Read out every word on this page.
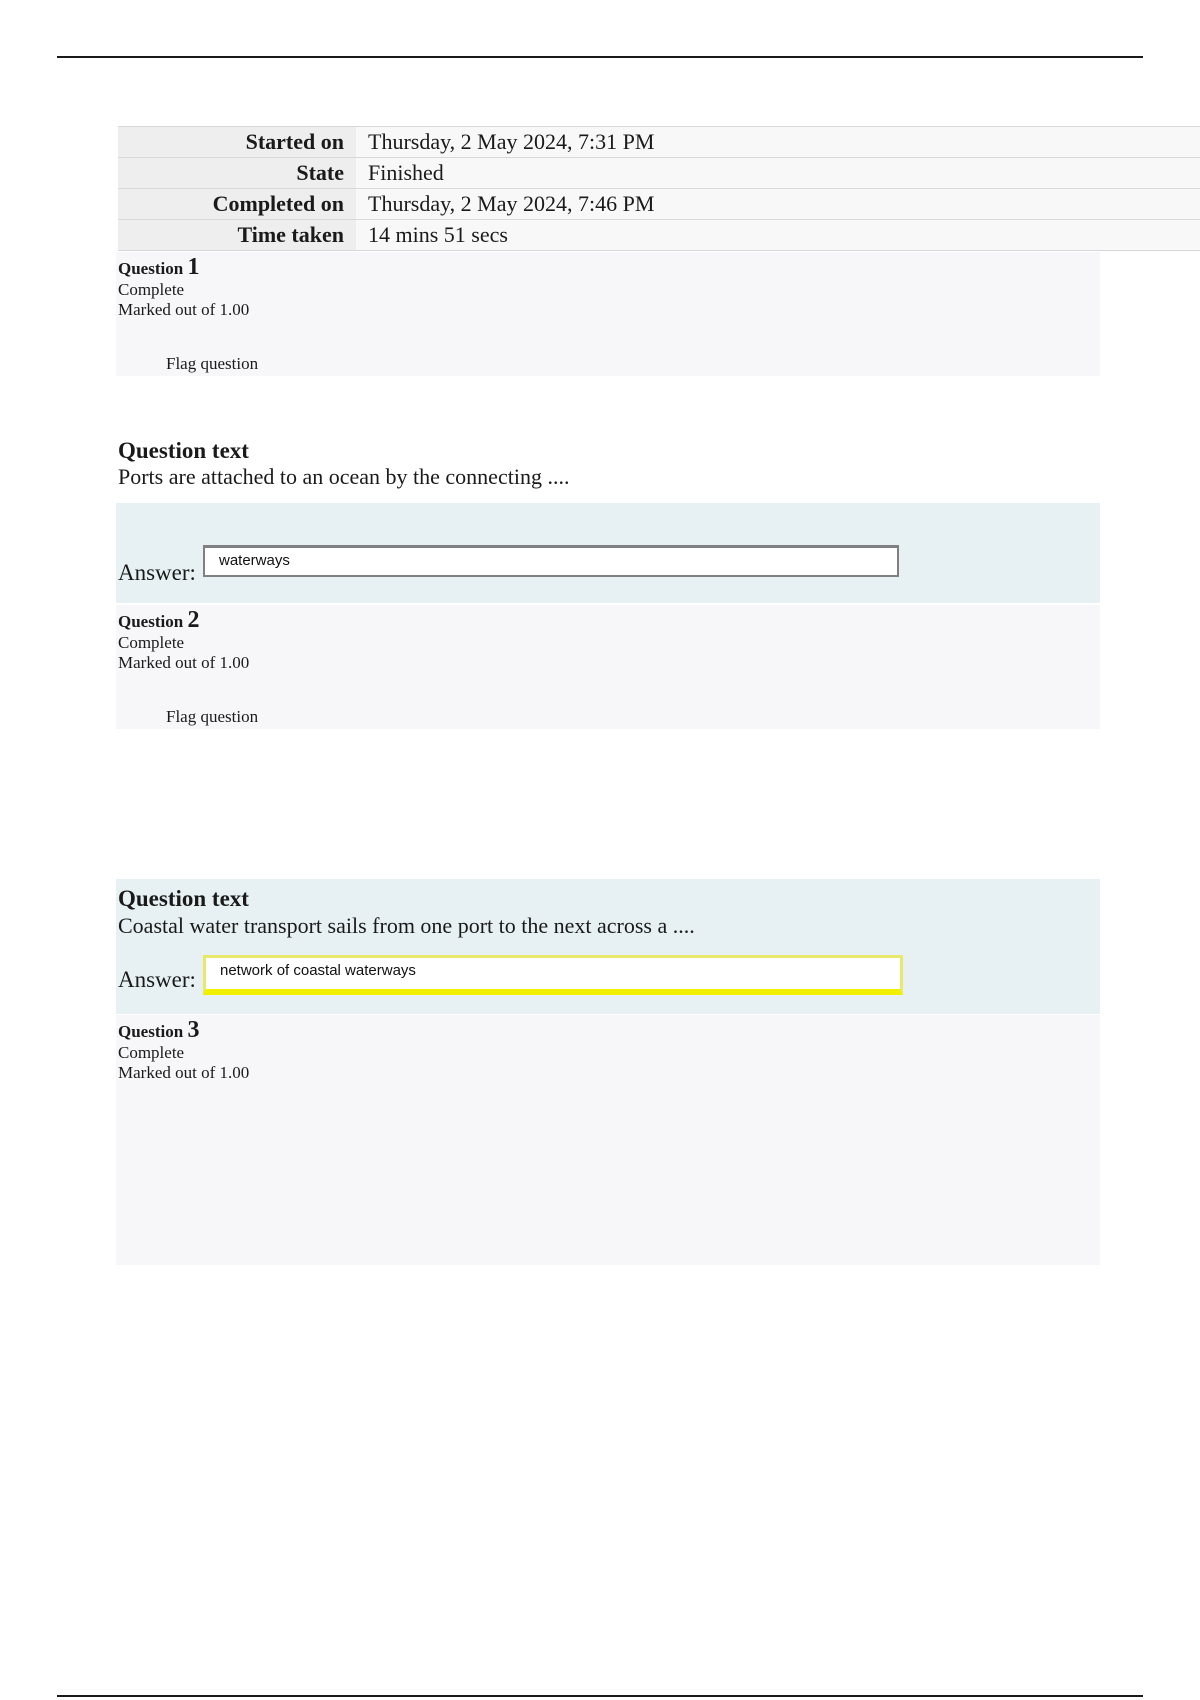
Started on	Thursday, 2 May 2024, 7:31 PM
State	Finished
Completed on	Thursday, 2 May 2024, 7:46 PM
Time taken	14 mins 51 secs
Question 1
Complete
Marked out of 1.00
Flag question
Question text
Ports are attached to an ocean by the connecting ....
Answer:	waterways
Question 2
Complete
Marked out of 1.00
Flag question
Question text
Coastal water transport sails from one port to the next across a ....
Answer:	network of coastal waterways
Question 3
Complete
Marked out of 1.00
